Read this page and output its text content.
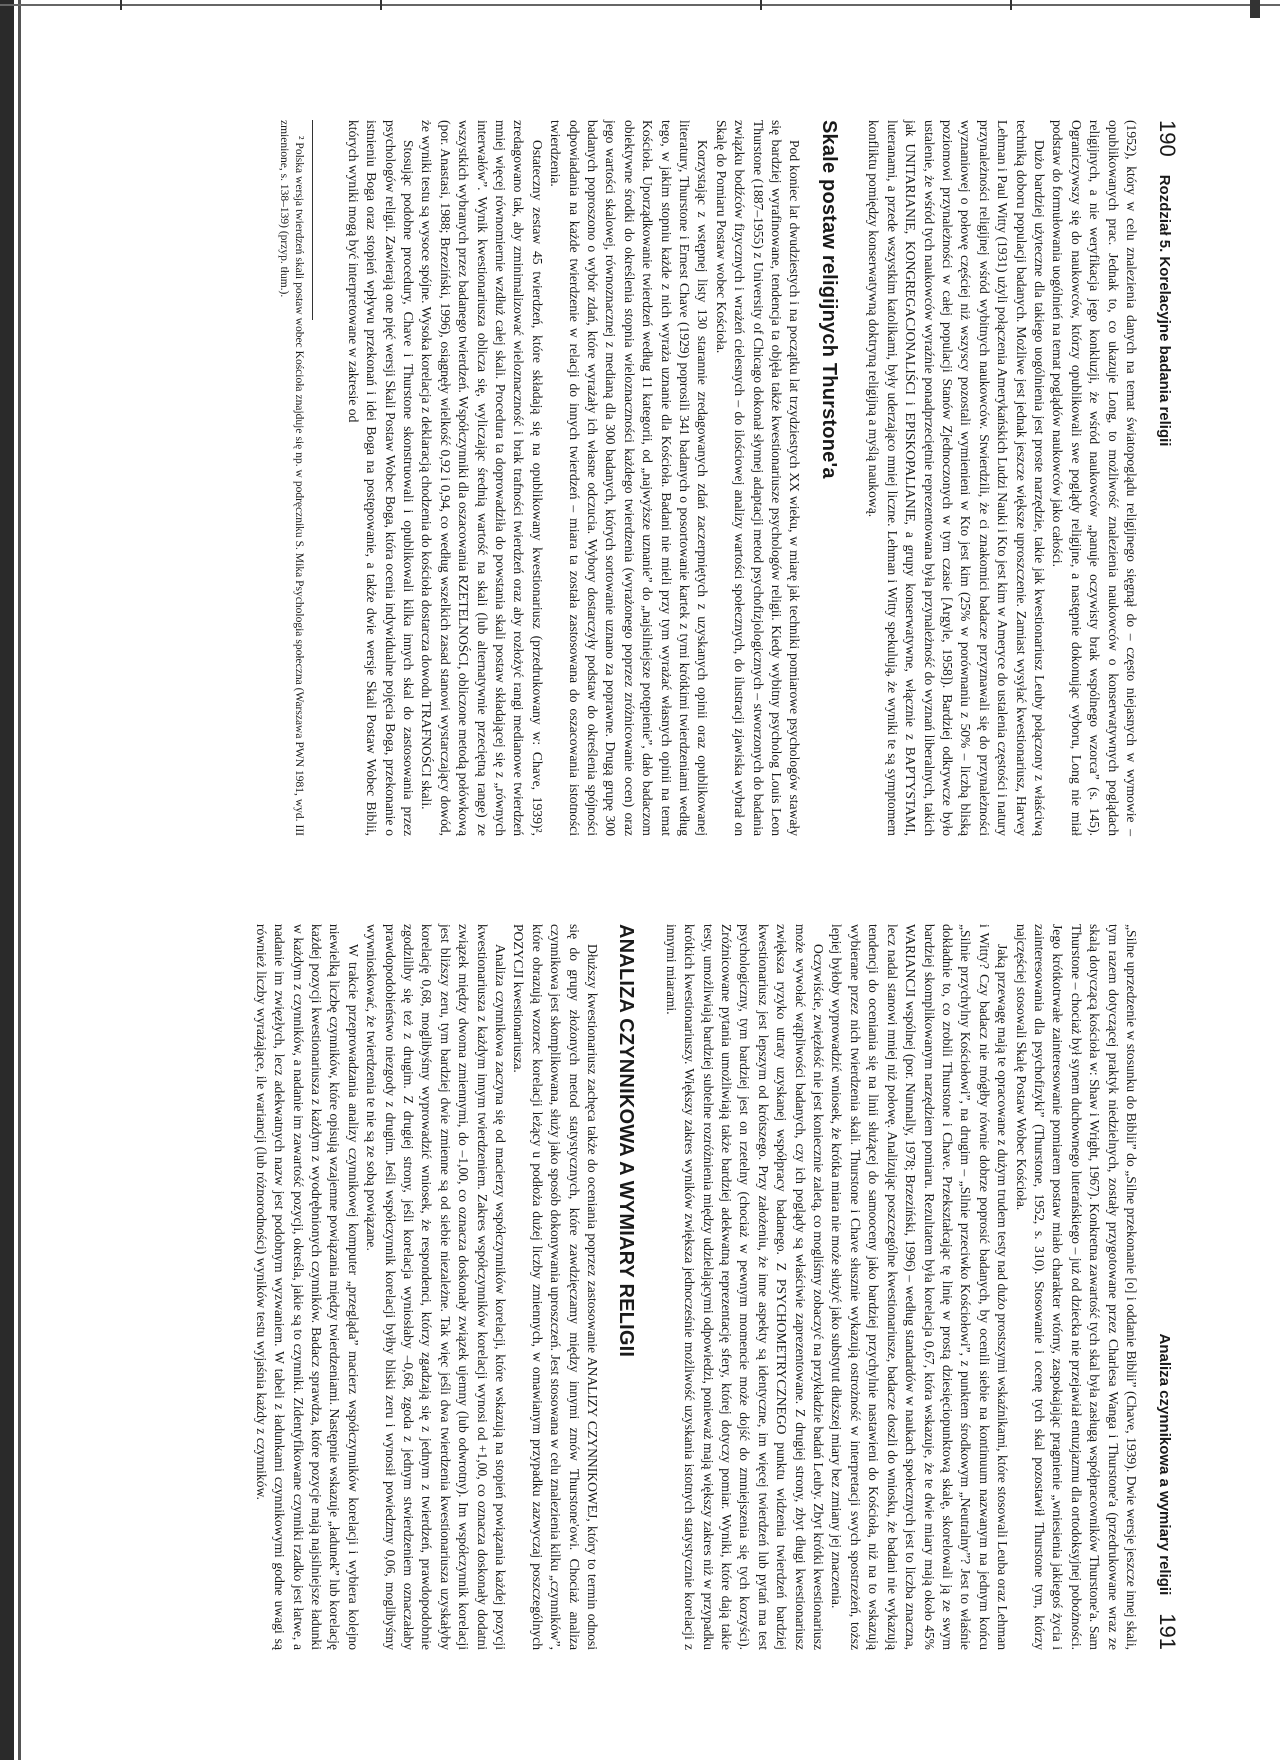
190
Rozdział 5. Korelacyjne badania religii

(1952), który w celu znalezienia danych na temat światopoglądu religijnego sięgnął do – często niejasnych w wymowie – opublikowanych prac. Jednak to, co ukazuje Long, to możliwość znalezienia naukowców o konserwatywnych poglądach religijnych, a nie weryfikacja jego konkluzji, że wśród naukowców „panuje oczywisty brak wspólnego wzorca” (s. 145). Ograniczywszy się do naukowców, którzy opublikowali swe poglądy religijne, a następnie dokonując wyboru, Long nie miał podstaw do formułowania uogólnień na temat poglądów naukowców jako całości.

Dużo bardziej użyteczne dla takiego uogólnienia jest proste narzędzie, takie jak kwestionariusz Leuby połączony z właściwą techniką doboru populacji badanych. Możliwe jest jednak jeszcze większe uproszczenie. Zamiast wysyłać kwestionariusz, Harvey Lehman i Paul Witty (1931) użyli połączenia Amerykańskich Ludzi Nauki i Kto jest kim w Ameryce do ustalenia częstości i natury przynależności religijnej wśród wybitnych naukowców. Stwierdzili, że ci znakomici badacze przyznawali się do przynależności wyznaniowej o połowę częściej niż wszyscy pozostali wymienieni w Kto jest kim (25% w porównaniu z 50% – liczbą bliską poziomowi przynależności w całej populacji Stanów Zjednoczonych w tym czasie [Argyle, 1958]). Bardziej odkrywcze było ustalenie, że wśród tych naukowców wyraźnie ponadprzeciętnie reprezentowana była przynależność do wyznań liberalnych, takich jak UNITARIANIE, KONGREGACJONALIŚCI i EPISKOPALIANIE, a grupy konserwatywne, włącznie z BAPTYSTAMI, luteranami, a przede wszystkim katolikami, były uderzająco mniej liczne. Lehman i Witty spekulują, że wyniki te są symptomem konfliktu pomiędzy konserwatywną doktryną religijną a myślą naukową.

Skale postaw religijnych Thurstone'a

Pod koniec lat dwudziestych i na początku lat trzydziestych XX wieku, w miarę jak techniki pomiarowe psychologów stawały się bardziej wyrafinowane, tendencja ta objęła także kwestionariusze psychologów religii. Kiedy wybitny psycholog Louis Leon Thurstone (1887–1955) z University of Chicago dokonał słynnej adaptacji metod psychofizjologicznych – stworzonych do badania związku bodźców fizycznych i wrażeń cielesnych – do ilościowej analizy wartości społecznych, do ilustracji zjawiska wybrał on Skalę do Pomiaru Postaw wobec Kościoła.

Korzystając z wstępnej listy 130 starannie zredagowanych zdań zaczerpniętych z uzyskanych opinii oraz opublikowanej literatury, Thurstone i Ernest Chave (1929) poprosili 341 badanych o posortowanie kartek z tymi krótkimi twierdzeniami według tego, w jakim stopniu każde z nich wyraża uznanie dla Kościoła. Badani nie mieli przy tym wyrażać własnych opinii na temat Kościoła. Uporządkowanie twierdzeń według 11 kategorii, od „najwyższe uznanie” do „najsilniejsze potępienie”, dało badaczom obiektywne środki do określenia stopnia wieloznaczności każdego twierdzenia (wyrażonego poprzez zróżnicowanie ocen) oraz jego wartości skalowej, równoznacznej z medianą dla 300 badanych, których sortowanie uznano za poprawne. Drugą grupę 300 badanych poproszono o wybór zdań, które wyrażały ich własne odczucia. Wybory dostarczyły podstaw do określenia spójności odpowiadania na każde twierdzenie w relacji do innych twierdzeń – miara ta została zastosowana do oszacowania istotności twierdzenia.

Ostateczny zestaw 45 twierdzeń, które składają się na opublikowany kwestionariusz (przedrukowany w: Chave, 1939)², zredagowano tak, aby zminimalizować wieloznaczność i brak trafności twierdzeń oraz aby rozłożyć rangi medianowe twierdzeń mniej więcej równomiernie wzdłuż całej skali. Procedura ta doprowadziła do powstania skali postaw składającej się z „równych interwałów”. Wynik kwestionariusza oblicza się, wyliczając średnią wartość na skali (lub alternatywnie przeciętną range) ze wszystkich wybranych przez badanego twierdzeń. Współczynniki dla oszacowania RZETELNOŚCI, obliczone metodą połówkową (por. Anastasi, 1988; Brzeziński, 1996), osiągnęły wielkość 0,92 i 0,94, co według wszelkich zasad stanowi wystarczający dowód, że wyniki testu są wysoce spójne. Wysoka korelacja z deklaracją chodzenia do kościoła dostarcza dowodu TRAFNOŚCI skali.

Stosując podobne procedury, Chave i Thurstone skonstruowali i opublikowali kilka innych skal do zastosowania przez psychologów religii. Zawierają one pięć wersji Skali Postaw Wobec Boga, która ocenia indywidualne pojęcia Boga, przekonanie o istnieniu Boga oraz stopień wpływu przekonań i idei Boga na postępowanie, a także dwie wersje Skali Postaw Wobec Biblii, których wyniki mogą być interpretowane w zakresie od

² Polska wersja twierdzeń skali postaw wobec Kościoła znajduje się np. w podręczniku S. Mika Psychologia społeczna (Warszawa PWN 1981, wyd. III zmienione, s. 138–139) (przyp. tłum.).
Analiza czynnikowa a wymiary religii
191

„Silne uprzedzenie w stosunku do Biblii” do „Silne przekonanie [o] i oddanie Biblii” (Chave, 1939). Dwie wersje jeszcze innej skali, tym razem dotyczącej praktyk niedzielnych, zostały przygotowane przez Charlesa Wanga i Thurstone'a (przedrukowane wraz ze skalą dotyczącą kościoła w: Shaw i Wright, 1967). Konkretna zawartość tych skal była zasługą współpracowników Thurstone'a. Sam Thurstone – chociaż był synem duchownego luterańskiego – już od dziecka nie przejawiał entuzjazmu dla ortodoksyjnej pobożności. Jego krótkotrwałe zainteresowanie pomiarem postaw miało charakter wtórny, zaspokajając pragnienie „wniesienia jakiegoś życia i zainteresowania dla psychofizyki” (Thurstone, 1952, s. 310). Stosowanie i ocenę tych skal pozostawił Thurstone tym, którzy najczęściej stosowali Skalę Postaw Wobec Kościoła.

Jaką przewagę mają te opracowane z dużym trudem testy nad dużo prostszymi wskaźnikami, które stosowali Leuba oraz Lehman i Witty? Czy badacz nie mógłby równie dobrze poprosić badanych, by ocenili siebie na kontinuum nazwanym na jednym końcu „Silnie przychylny Kościołowi”, na drugim – „Silnie przeciwko Kościołowi”, z punktem środkowym „Neutralny”? Jest to właśnie dokładnie to, co zrobili Thurstone i Chave. Przekształcając tę linię w prostą dziesięciopunktową skalę, skorelowali ją ze swym bardziej skomplikowanym narzędziem pomiaru. Rezultatem była korelacja 0,67, która wskazuje, że te dwie miary mają około 45% WARIANCJI wspólnej (por. Nunnally, 1978; Brzeziński, 1996) – według standardów w naukach społecznych jest to liczba znaczna, lecz nadal stanowi mniej niż połowę. Analizując poszczególne kwestionariusze, badacze doszli do wniosku, że badani nie wykazują tendencji do oceniania się na linii służącej do samooceny jako bardziej przychylnie nastawieni do Kościoła, niż na to wskazują wybierane przez nich twierdzenia skali. Thurstone i Chave słusznie wykazują ostrożność w interpretacji swych spostrzeżeń, toższ lepiej byłoby wyprowadzić wniosek, że krótka miara nie może służyć jako substytut dłuższej miary bez zmiany jej znaczenia.

Oczywiście, zwięzłość nie jest koniecznie zaletą, co mogliśmy zobaczyć na przykładzie badań Leuby. Zbyt krótki kwestionariusz może wywołać wątpliwości badanych, czy ich poglądy są właściwie zaprezentowane. Z drugiej strony, zbyt długi kwestionariusz zwiększa ryzyko utraty uzyskanej współpracy badanego. Z PSYCHOMETRYCZNEGO punktu widzenia twierdzeń bardziej kwestionariusz jest lepszym od krótszego. Przy założeniu, że inne aspekty są identyczne, im więcej twierdzeń lub pytań ma test psychologiczny, tym bardziej jest on rzetelny (chociaż w pewnym momencie może dojść do zmniejszenia się tych korzyści). Zróżnicowane pytania umożliwiają także bardziej adekwatną reprezentację sfery, której dotyczy pomiar. Wyniki, które dają takie testy, umożliwiają bardziej subtelne rozróżnienia między udzielającymi odpowiedzi, ponieważ mają większy zakres niż w przypadku krótkich kwestionariuszy. Większy zakres wyników zwiększa jednocześnie możliwość uzyskania istotnych statystycznie korelacji z innymi miarami.

ANALIZA CZYNNIKOWA A WYMIARY RELIGII

Dłuższy kwestionariusz zachęca także do oceniania poprzez zastosowanie ANALIZY CZYNNIKOWEJ, który to termin odnosi się do grupy złożonych metod statystycznych, które zawdzięczamy między innymi zmów Thurstone'owi. Chociaż analiza czynnikowa jest skomplikowana, służy jako sposób dokonywania uproszczeń. Jest stosowana w celu znalezienia kilku „czynników”, które obrazują wzorzec korelacji leżący u podłoża dużej liczby zmiennych, w omawianym przypadku zazwyczaj poszczególnych POZYCJI kwestionariusza.

Analiza czynnikowa zaczyna się od macierzy współczynników korelacji, które wskazują na stopień powiązania każdej pozycji kwestionariusza z każdym innym twierdzeniem. Zakres współczynników korelacji wynosi od +1,00, co oznacza doskonały dodatni związek między dwoma zmiennymi, do –1,00, co oznacza doskonały związek ujemny (lub odwrotny). Im współczynnik korelacji jest bliższy zeru, tym bardziej dwie zmienne są od siebie niezależne. Tak więc jeśli dwa twierdzenia kwestionariusza uzyskałyby korelację 0,68, moglibyśmy wyprowadzić wniosek, że respondenci, którzy zgadzają się z jednym z twierdzeń, prawdopodobnie zgodziliby się też z drugim. Z drugiej strony, jeśli korelacja wyniosłaby –0,68, zgoda z jednym stwierdzeniem oznaczałaby prawdopodobieństwo niezgody z drugim. Jeśli współczynnik korelacji byłby bliski zeru i wynosił powiedzmy 0,06, moglibyśmy wywnioskować, że twierdzenia te nie są ze sobą powiązane.

W trakcie przeprowadzania analizy czynnikowej komputer „przegląda” macierz współczynników korelacji i wybiera kolejno niewielką liczbę czynników, które opisują wzajemne powiązania między twierdzeniami. Następnie wskazuje „ładunek” lub korelację każdej pozycji kwestionariusza z każdym z wyodrębnionych czynników. Badacz sprawdza, które pozycje mają najsilniejsze ładunki w każdym z czynników, a nadanie im zawartość pozycji, określa, jakie są to czynniki. Zidentyfikowane czynniki rzadko jest łatwe, a nadanie im zwięzłych, lecz adekwatnych nazw jest podobnym wyzwaniem. W tabeli z ładunkami czynnikowymi godne uwagi są również liczby wyrażające, ile wariancji (lub różnorodności) wyników testu wyjaśnia każdy z czynników.
